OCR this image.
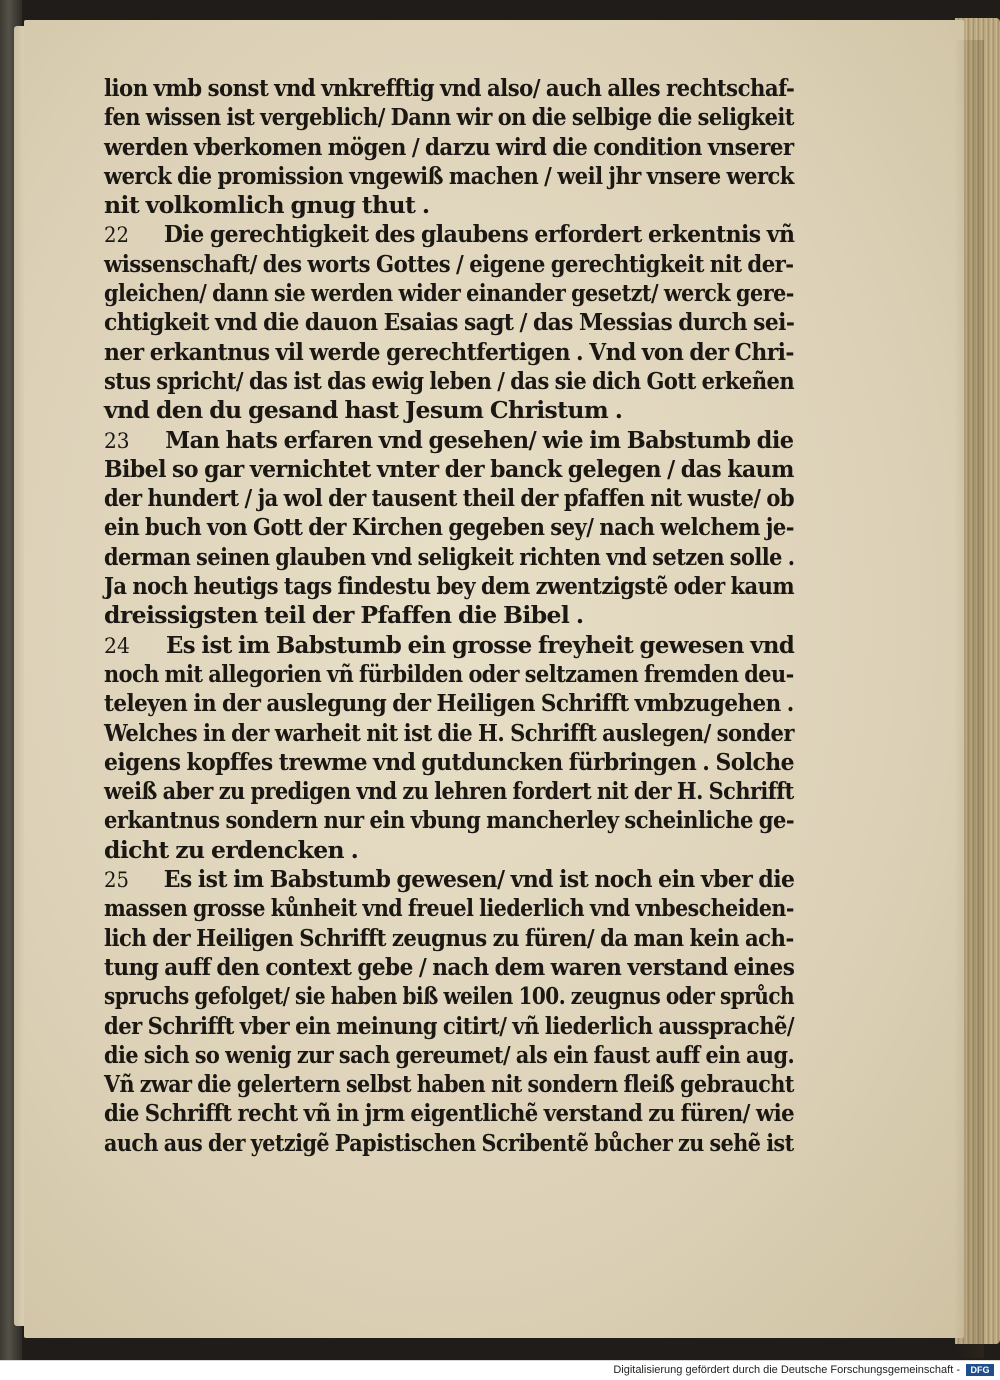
lion vmb sonst vnd vnkrefftig vnd also/ auch alles rechtschaf-
fen wissen ist vergeblich/ Dann wir on die selbige die seligkeit
werden vberkomen mögen / darzu wird die condition vnserer
werck die promission vngewiß machen / weil jhr vnsere werck
nit volkomlich gnug thut .
22 Die gerechtigkeit des glaubens erfordert erkentnis vñ
wissenschaft/ des worts Gottes / eigene gerechtigkeit nit der-
gleichen/ dann sie werden wider einander gesetzt/ werck gere-
chtigkeit vnd die dauon Esaias sagt / das Messias durch sei-
ner erkantnus vil werde gerechtfertigen . Vnd von der Chri-
stus spricht/ das ist das ewig leben / das sie dich Gott erkeñen
vnd den du gesand hast Jesum Christum .
23 Man hats erfaren vnd gesehen/ wie im Babstumb die
Bibel so gar vernichtet vnter der banck gelegen / das kaum
der hundert / ja wol der tausent theil der pfaffen nit wuste/ ob
ein buch von Gott der Kirchen gegeben sey/ nach welchem je-
derman seinen glauben vnd seligkeit richten vnd setzen solle .
Ja noch heutigs tags findestu bey dem zwentzigstẽ oder kaum
dreissigsten teil der Pfaffen die Bibel .
24 Es ist im Babstumb ein grosse freyheit gewesen vnd
noch mit allegorien vñ fürbilden oder seltzamen fremden deu-
teleyen in der auslegung der Heiligen Schrifft vmbzugehen .
Welches in der warheit nit ist die H. Schrifft auslegen/ sonder
eigens kopffes trewme vnd gutduncken fürbringen . Solche
weiß aber zu predigen vnd zu lehren fordert nit der H. Schrifft
erkantnus sondern nur ein vbung mancherley scheinliche ge-
dicht zu erdencken .
25 Es ist im Babstumb gewesen/ vnd ist noch ein vber die
massen grosse kůnheit vnd freuel liederlich vnd vnbescheiden-
lich der Heiligen Schrifft zeugnus zu füren/ da man kein ach-
tung auff den context gebe / nach dem waren verstand eines
spruchs gefolget/ sie haben biß weilen 100. zeugnus oder sprůch
der Schrifft vber ein meinung citirt/ vñ liederlich aussprachẽ/
die sich so wenig zur sach gereumet/ als ein faust auff ein aug.
Vñ zwar die gelertern selbst haben nit sondern fleiß gebraucht
die Schrifft recht vñ in jrm eigentlichẽ verstand zu füren/ wie
auch aus der yetzigẽ Papistischen Scribentẽ bůcher zu sehẽ ist
Digitalisierung gefördert durch die Deutsche Forschungsgemeinschaft -	DFG
